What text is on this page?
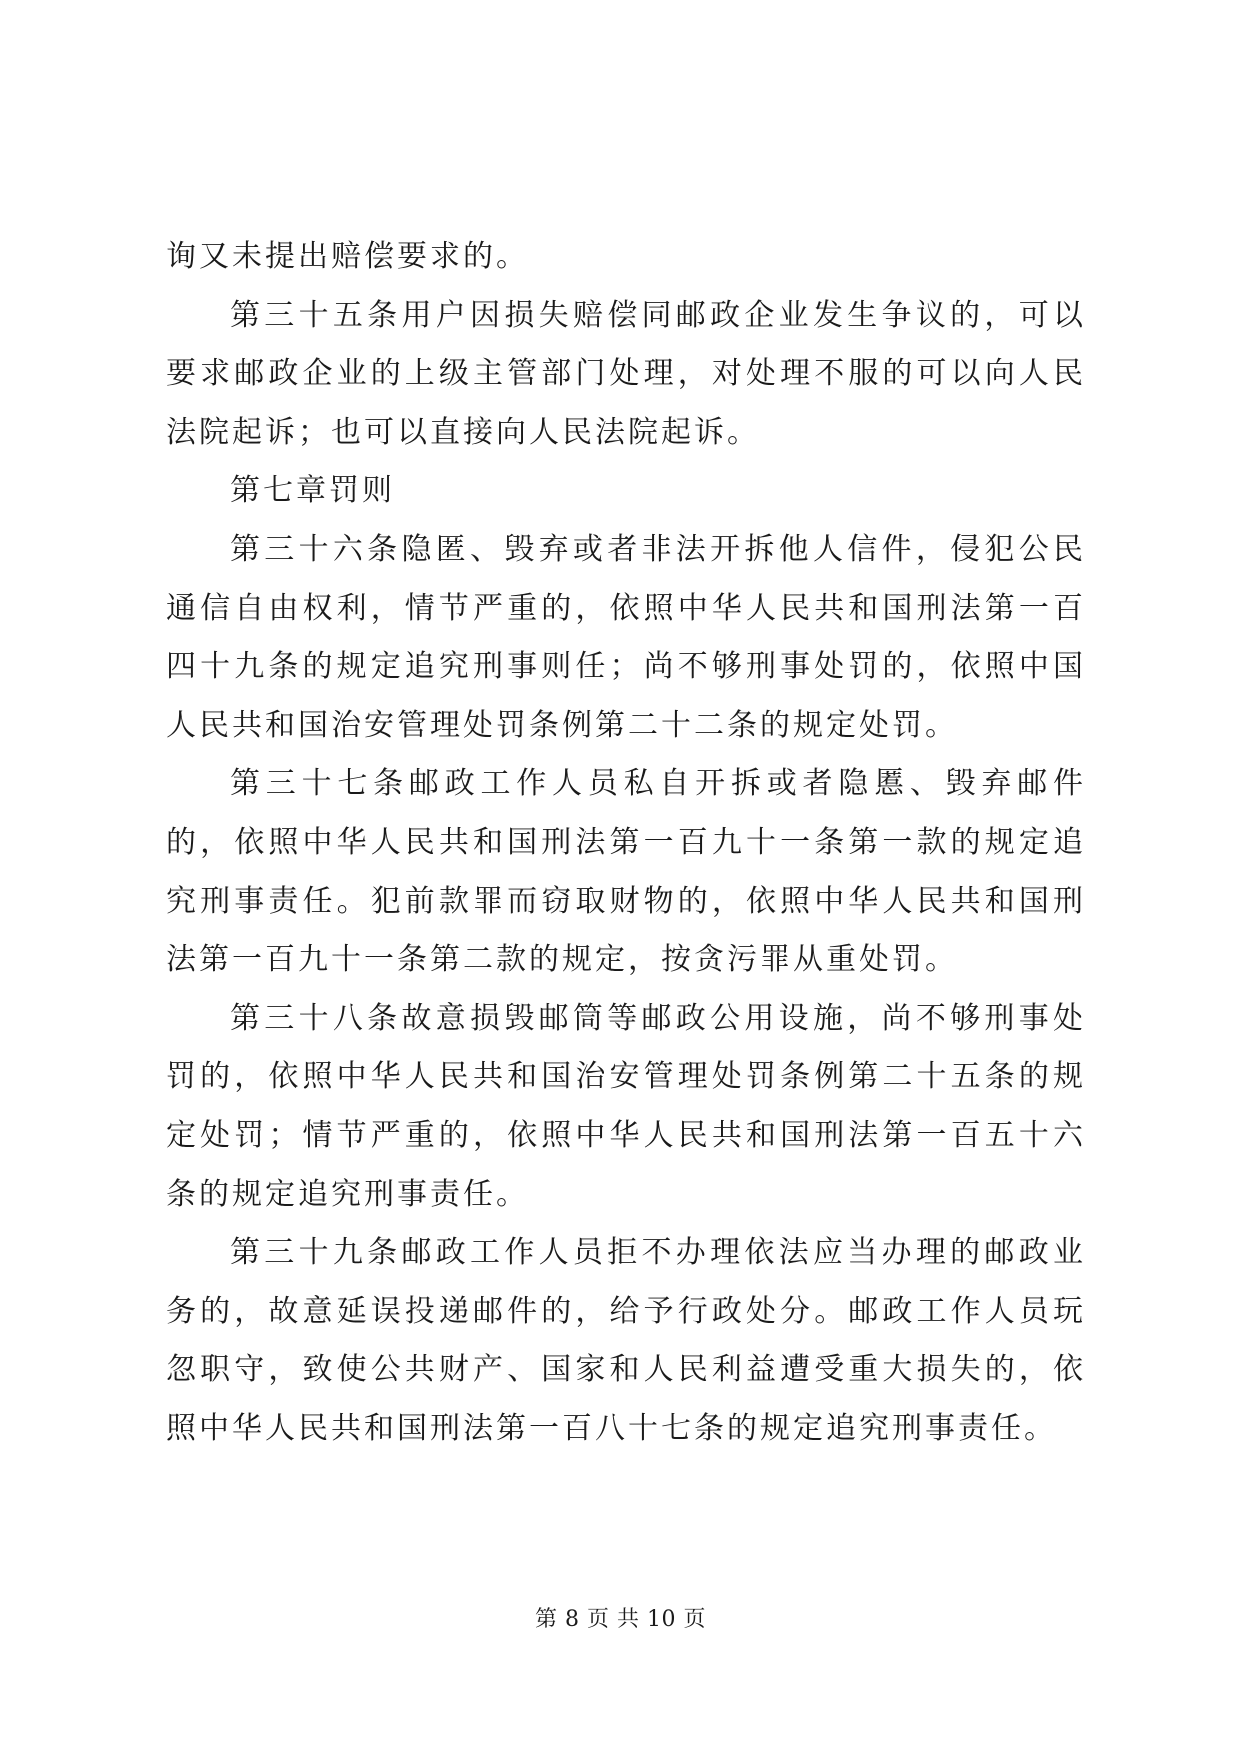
询又未提出赔偿要求的。

第三十五条用户因损失赔偿同邮政企业发生争议的，可以要求邮政企业的上级主管部门处理，对处理不服的可以向人民法院起诉；也可以直接向人民法院起诉。

第七章罚则

第三十六条隐匿、毁弃或者非法开拆他人信件，侵犯公民通信自由权利，情节严重的，依照中华人民共和国刑法第一百四十九条的规定追究刑事则任；尚不够刑事处罚的，依照中国人民共和国治安管理处罚条例第二十二条的规定处罚。

第三十七条邮政工作人员私自开拆或者隐慝、毁弃邮件的，依照中华人民共和国刑法第一百九十一条第一款的规定追究刑事责任。犯前款罪而窃取财物的，依照中华人民共和国刑法第一百九十一条第二款的规定，按贪污罪从重处罚。

第三十八条故意损毁邮筒等邮政公用设施，尚不够刑事处罚的，依照中华人民共和国治安管理处罚条例第二十五条的规定处罚；情节严重的，依照中华人民共和国刑法第一百五十六条的规定追究刑事责任。

第三十九条邮政工作人员拒不办理依法应当办理的邮政业务的，故意延误投递邮件的，给予行政处分。邮政工作人员玩忽职守，致使公共财产、国家和人民利益遭受重大损失的，依照中华人民共和国刑法第一百八十七条的规定追究刑事责任。

第 8 页 共 10 页
